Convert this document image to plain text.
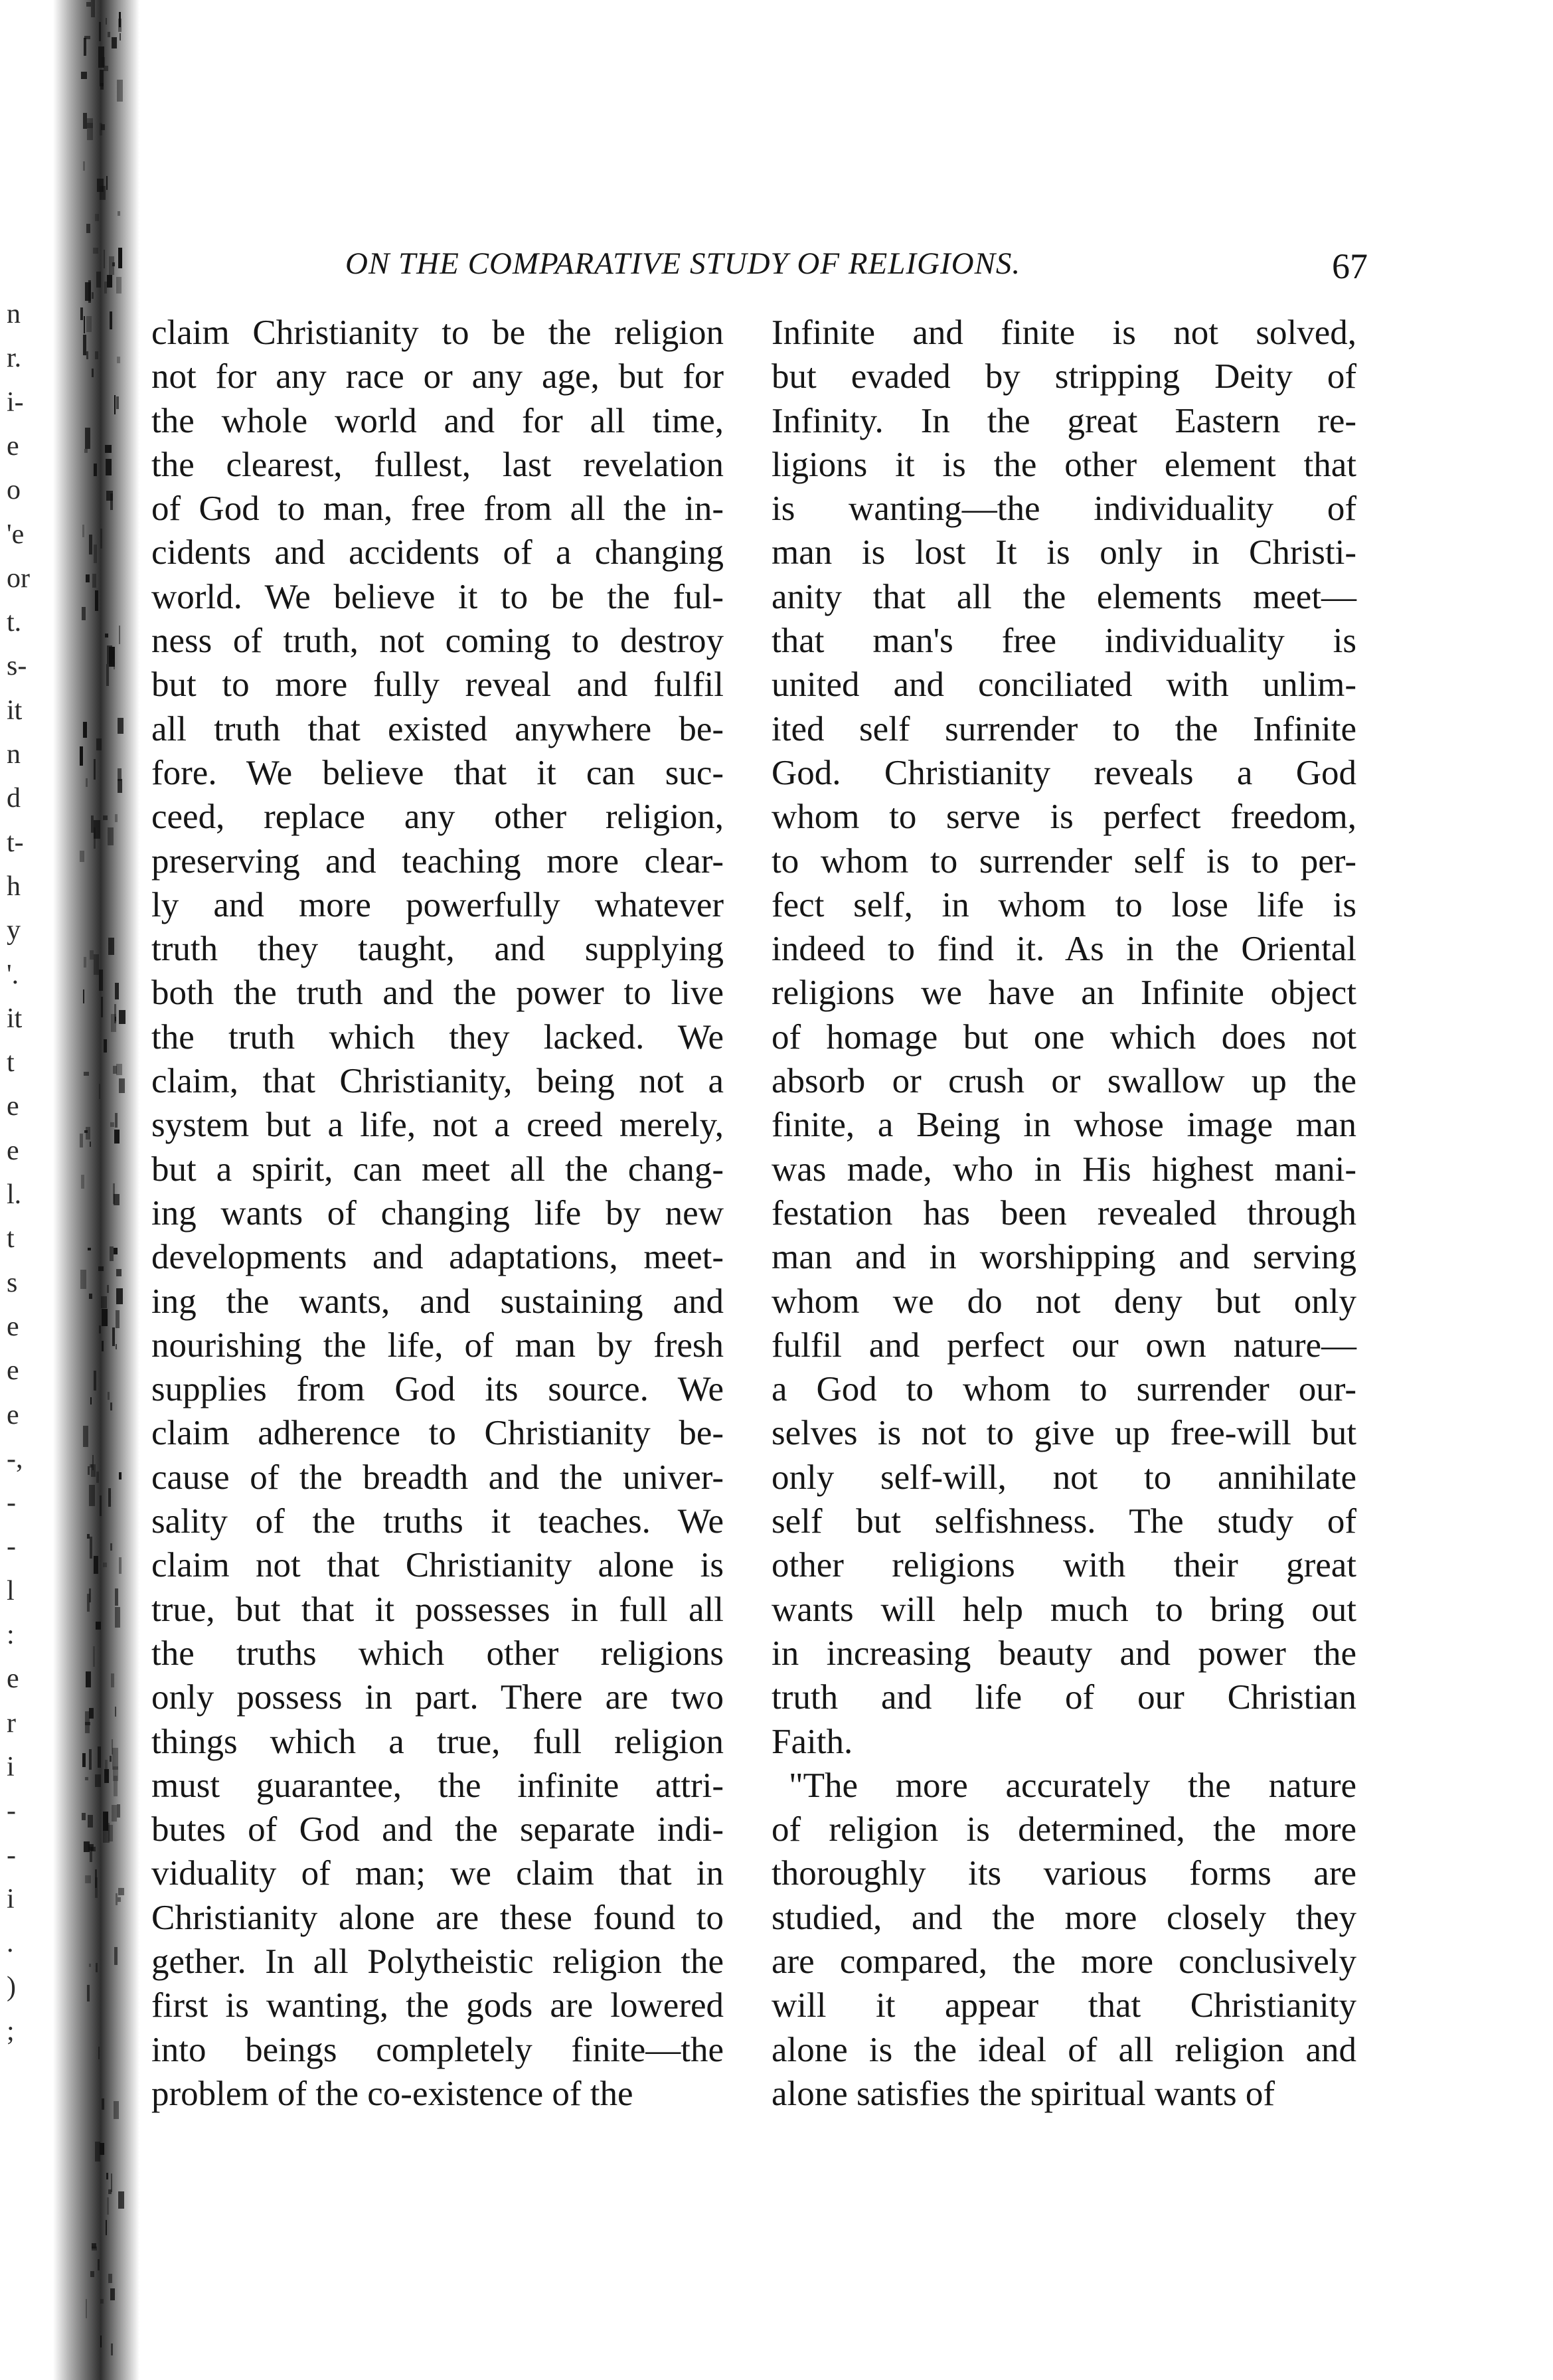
n
r.
i-
e
o
'e
or
t.
s-
it
n
d
t-
h
y
'.
it
t
e
e
l.
t
s
e
e
e
-,
-
-
l
:
e
r
i
-
-
i
.
)
;
ON THE COMPARATIVE STUDY OF RELIGIONS.	67
claim Christianity to be the religion
not for any race or any age, but for
the whole world and for all time,
the clearest, fullest, last revelation
of God to man, free from all the in-
cidents and accidents of a changing
world. We believe it to be the ful-
ness of truth, not coming to destroy
but to more fully reveal and fulfil
all truth that existed anywhere be-
fore. We believe that it can suc-
ceed, replace any other religion,
preserving and teaching more clear-
ly and more powerfully whatever
truth they taught, and supplying
both the truth and the power to live
the truth which they lacked. We
claim, that Christianity, being not a
system but a life, not a creed merely,
but a spirit, can meet all the chang-
ing wants of changing life by new
developments and adaptations, meet-
ing the wants, and sustaining and
nourishing the life, of man by fresh
supplies from God its source. We
claim adherence to Christianity be-
cause of the breadth and the univer-
sality of the truths it teaches. We
claim not that Christianity alone is
true, but that it possesses in full all
the truths which other religions
only possess in part. There are two
things which a true, full religion
must guarantee, the infinite attri-
butes of God and the separate indi-
viduality of man; we claim that in
Christianity alone are these found to
gether. In all Polytheistic religion the
first is wanting, the gods are lowered
into beings completely finite—the
problem of the co-existence of the
Infinite and finite is not solved,
but evaded by stripping Deity of
Infinity. In the great Eastern re-
ligions it is the other element that
is wanting—the individuality of
man is lost It is only in Christi-
anity that all the elements meet—
that man's free individuality is
united and conciliated with unlim-
ited self surrender to the Infinite
God. Christianity reveals a God
whom to serve is perfect freedom,
to whom to surrender self is to per-
fect self, in whom to lose life is
indeed to find it. As in the Oriental
religions we have an Infinite object
of homage but one which does not
absorb or crush or swallow up the
finite, a Being in whose image man
was made, who in His highest mani-
festation has been revealed through
man and in worshipping and serving
whom we do not deny but only
fulfil and perfect our own nature—
a God to whom to surrender our-
selves is not to give up free-will but
only self-will, not to annihilate
self but selfishness. The study of
other religions with their great
wants will help much to bring out
in increasing beauty and power the
truth and life of our Christian
Faith.
"The more accurately the nature
of religion is determined, the more
thoroughly its various forms are
studied, and the more closely they
are compared, the more conclusively
will it appear that Christianity
alone is the ideal of all religion and
alone satisfies the spiritual wants of
